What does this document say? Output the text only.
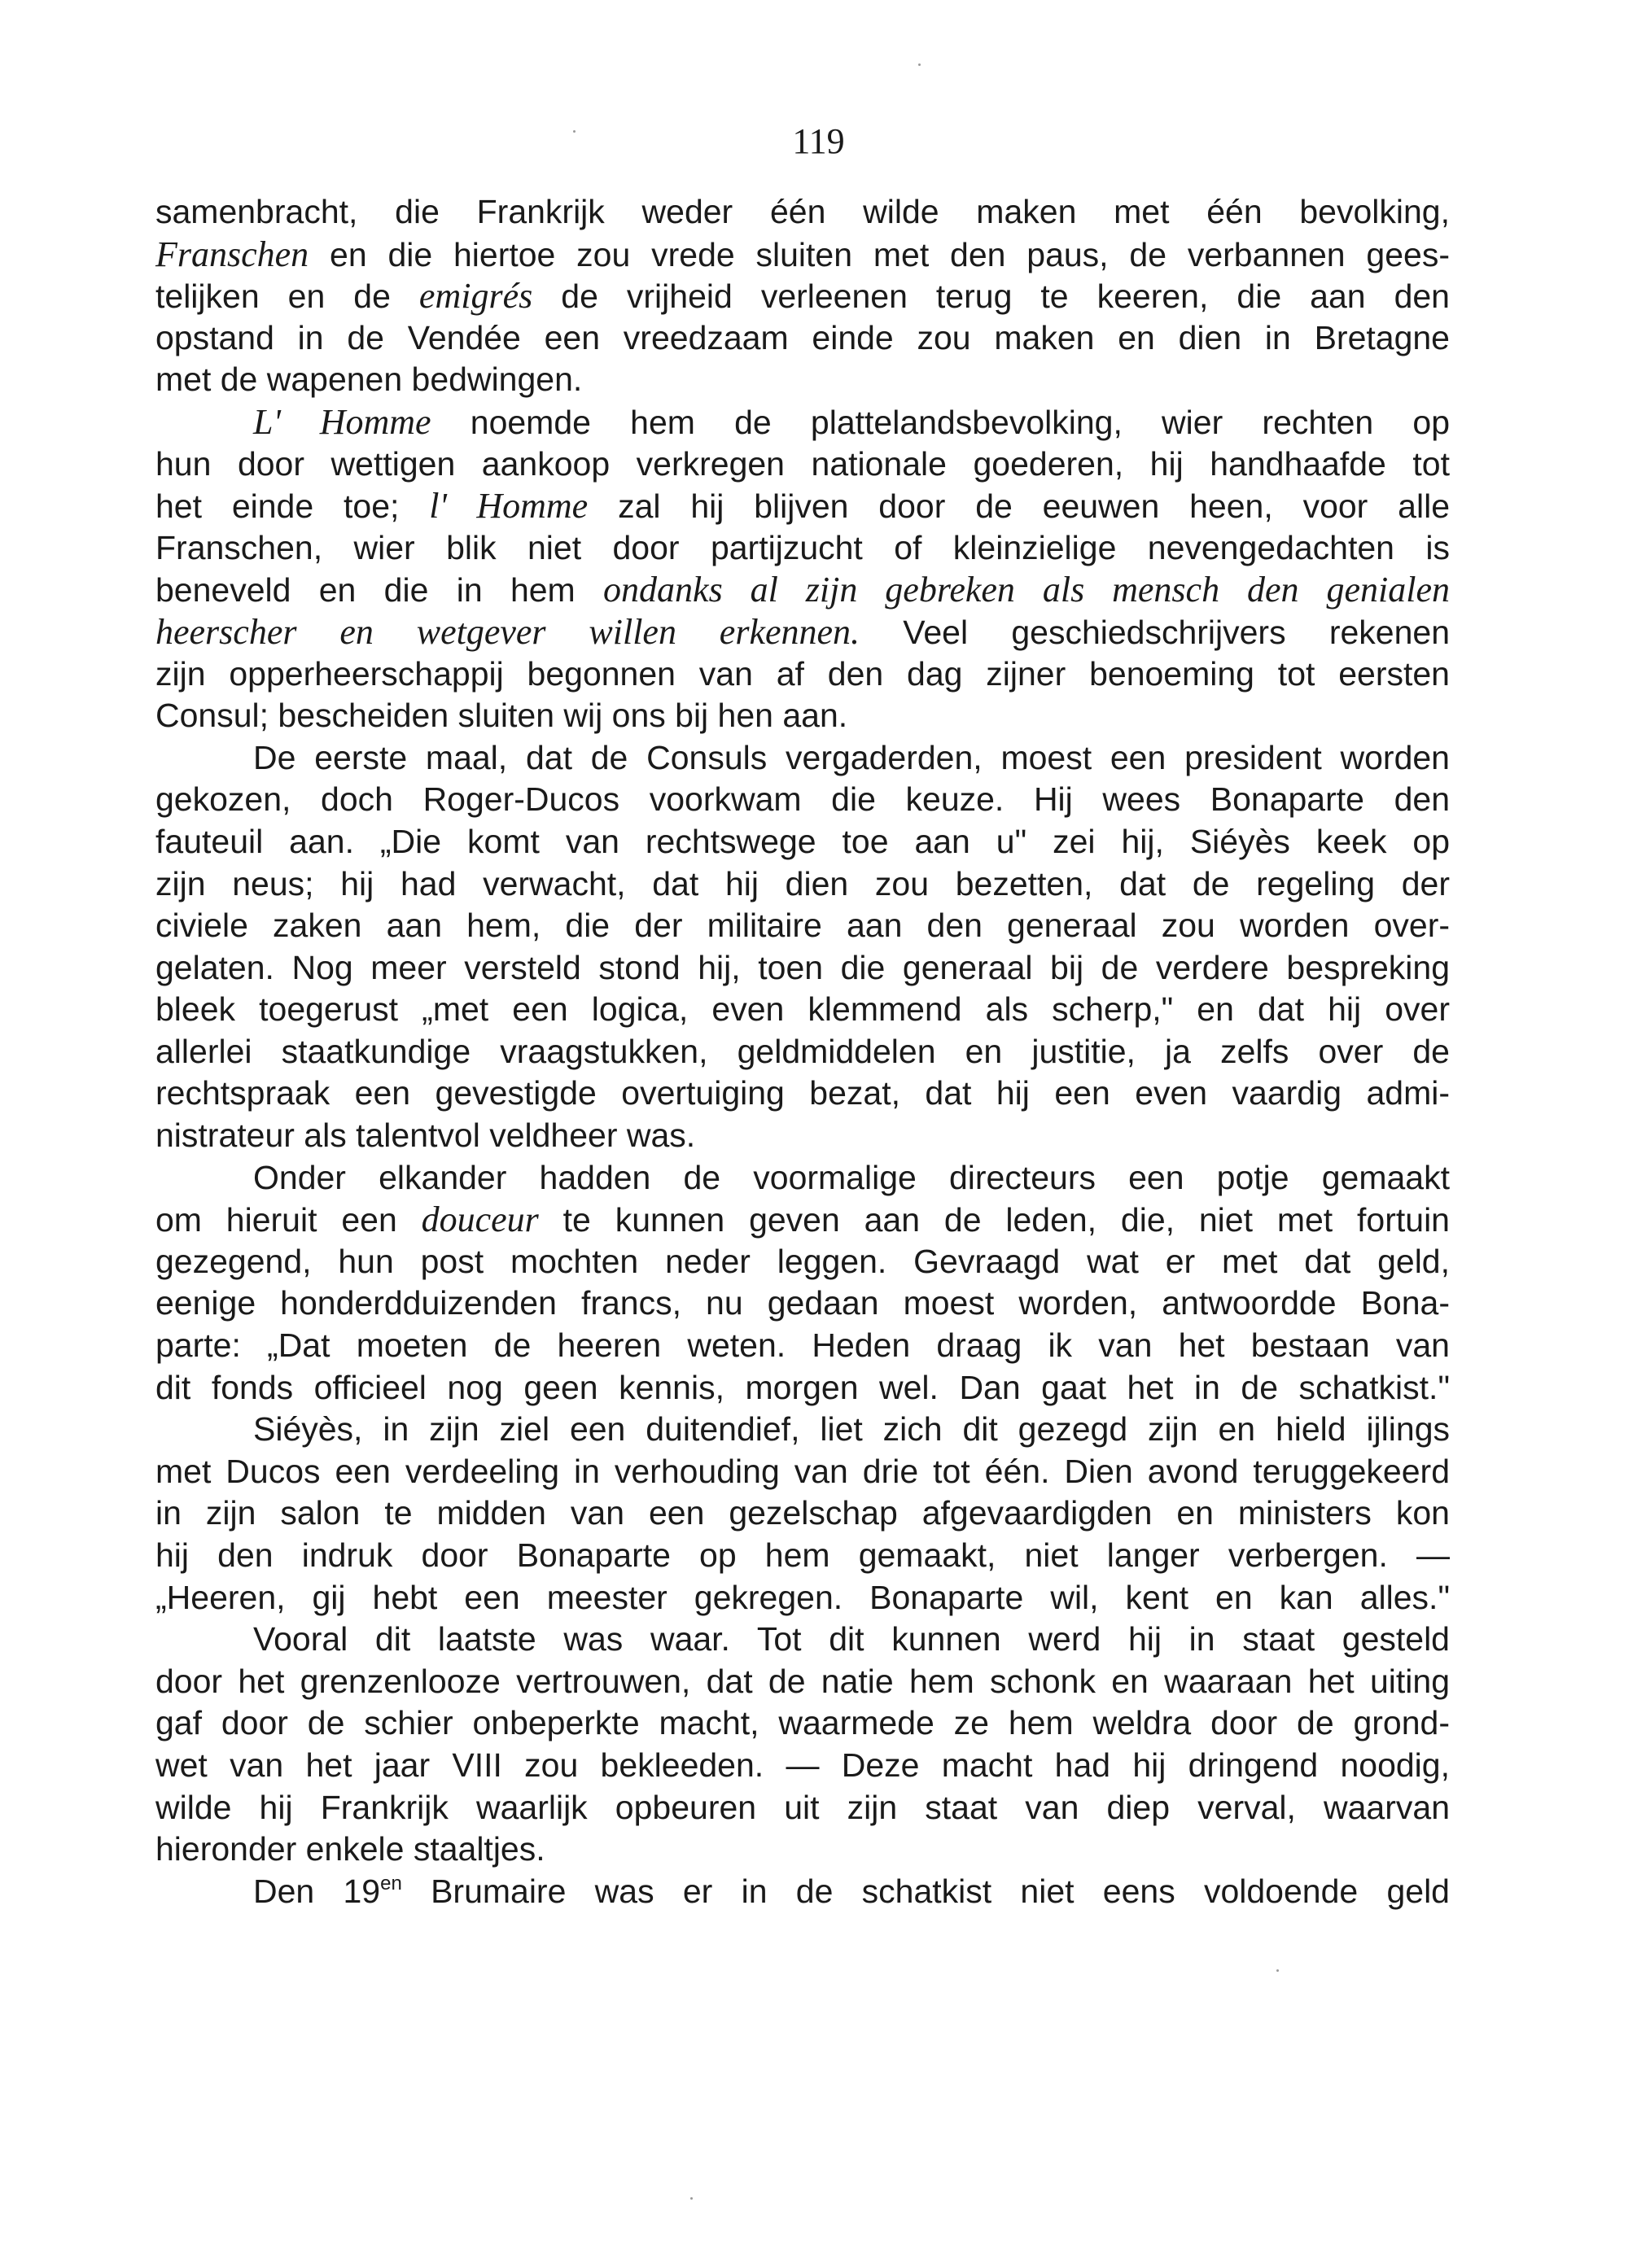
119
samenbracht, die Frankrijk weder één wilde maken met één bevolking,
Franschen en die hiertoe zou vrede sluiten met den paus, de verbannen gees-
telijken en de emigrés de vrijheid verleenen terug te keeren, die aan den
opstand in de Vendée een vreedzaam einde zou maken en dien in Bretagne
met de wapenen bedwingen.
L' Homme noemde hem de plattelandsbevolking, wier rechten op
hun door wettigen aankoop verkregen nationale goederen, hij handhaafde tot
het einde toe; l' Homme zal hij blijven door de eeuwen heen, voor alle
Franschen, wier blik niet door partijzucht of kleinzielige nevengedachten is
beneveld en die in hem ondanks al zijn gebreken als mensch den genialen
heerscher en wetgever willen erkennen. Veel geschiedschrijvers rekenen
zijn opperheerschappij begonnen van af den dag zijner benoeming tot eersten
Consul; bescheiden sluiten wij ons bij hen aan.
De eerste maal, dat de Consuls vergaderden, moest een president worden
gekozen, doch Roger-Ducos voorkwam die keuze. Hij wees Bonaparte den
fauteuil aan. „Die komt van rechtswege toe aan u" zei hij, Siéyès keek op
zijn neus; hij had verwacht, dat hij dien zou bezetten, dat de regeling der
civiele zaken aan hem, die der militaire aan den generaal zou worden over-
gelaten. Nog meer versteld stond hij, toen die generaal bij de verdere bespreking
bleek toegerust „met een logica, even klemmend als scherp," en dat hij over
allerlei staatkundige vraagstukken, geldmiddelen en justitie, ja zelfs over de
rechtspraak een gevestigde overtuiging bezat, dat hij een even vaardig admi-
nistrateur als talentvol veldheer was.
Onder elkander hadden de voormalige directeurs een potje gemaakt
om hieruit een douceur te kunnen geven aan de leden, die, niet met fortuin
gezegend, hun post mochten neder leggen. Gevraagd wat er met dat geld,
eenige honderdduizenden francs, nu gedaan moest worden, antwoordde Bona-
parte: „Dat moeten de heeren weten. Heden draag ik van het bestaan van
dit fonds officieel nog geen kennis, morgen wel. Dan gaat het in de schatkist."
Siéyès, in zijn ziel een duitendief, liet zich dit gezegd zijn en hield ijlings
met Ducos een verdeeling in verhouding van drie tot één. Dien avond teruggekeerd
in zijn salon te midden van een gezelschap afgevaardigden en ministers kon
hij den indruk door Bonaparte op hem gemaakt, niet langer verbergen. —
„Heeren, gij hebt een meester gekregen. Bonaparte wil, kent en kan alles."
Vooral dit laatste was waar. Tot dit kunnen werd hij in staat gesteld
door het grenzenlooze vertrouwen, dat de natie hem schonk en waaraan het uiting
gaf door de schier onbeperkte macht, waarmede ze hem weldra door de grond-
wet van het jaar VIII zou bekleeden. — Deze macht had hij dringend noodig,
wilde hij Frankrijk waarlijk opbeuren uit zijn staat van diep verval, waarvan
hieronder enkele staaltjes.
Den $19^{en}$ Brumaire was er in de schatkist niet eens voldoende geld
